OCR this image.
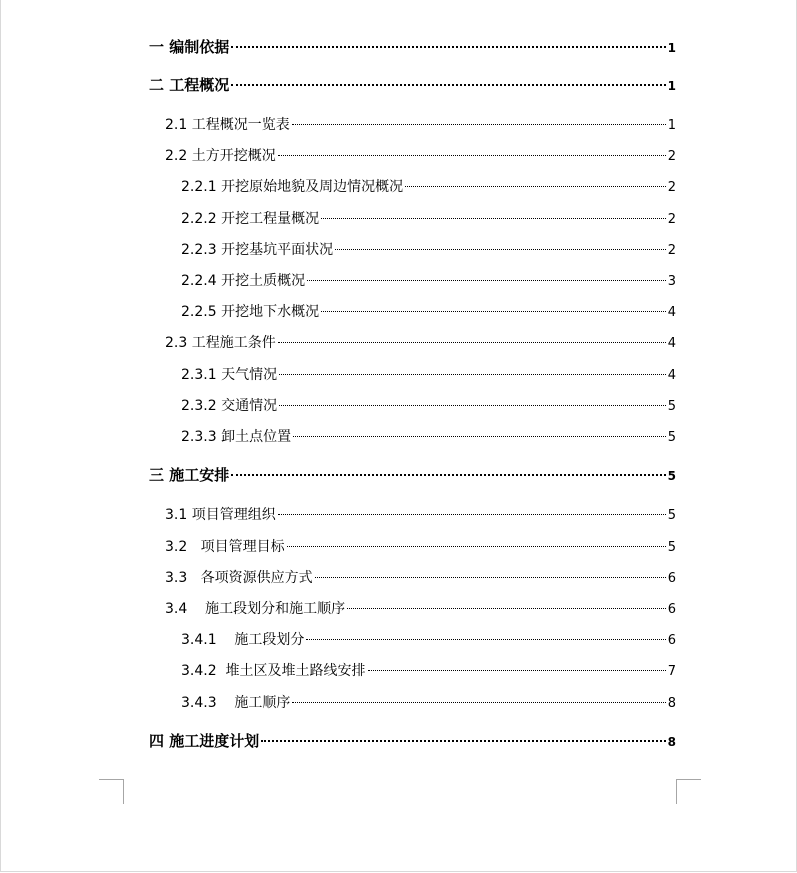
一 编制依据	1
二 工程概况	1
2.1 工程概况一览表	1
2.2 土方开挖概况	2
2.2.1 开挖原始地貌及周边情况概况	2
2.2.2 开挖工程量概况	2
2.2.3 开挖基坑平面状况	2
2.2.4 开挖土质概况	3
2.2.5 开挖地下水概况	4
2.3 工程施工条件	4
2.3.1 天气情况	4
2.3.2 交通情况	5
2.3.3 卸土点位置	5
三 施工安排	5
3.1 项目管理组织	5
3.2   项目管理目标	5
3.3   各项资源供应方式	6
3.4    施工段划分和施工顺序	6
3.4.1    施工段划分	6
3.4.2  堆土区及堆土路线安排	7
3.4.3    施工顺序	8
四 施工进度计划	8
